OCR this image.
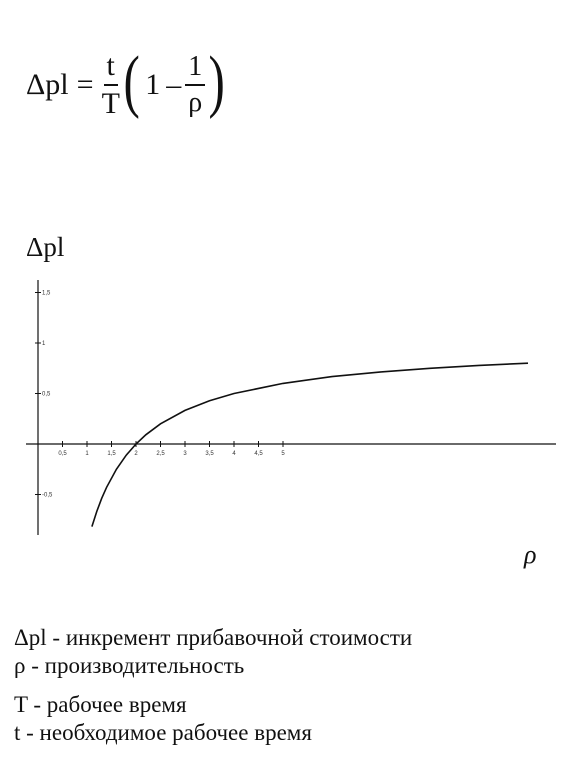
$\Delta pl = \frac{t}{T}$ ( $1 - \frac{1}{\rho}$ )
Δpl
0,5	1	1,5	2	2,5	3	3,5	4	4,5	5
-0,5
0,5
1
1,5
ρ
Δpl - инкремент прибавочной стоимости
ρ - производительность
T - рабочее время
t - необходимое рабочее время
